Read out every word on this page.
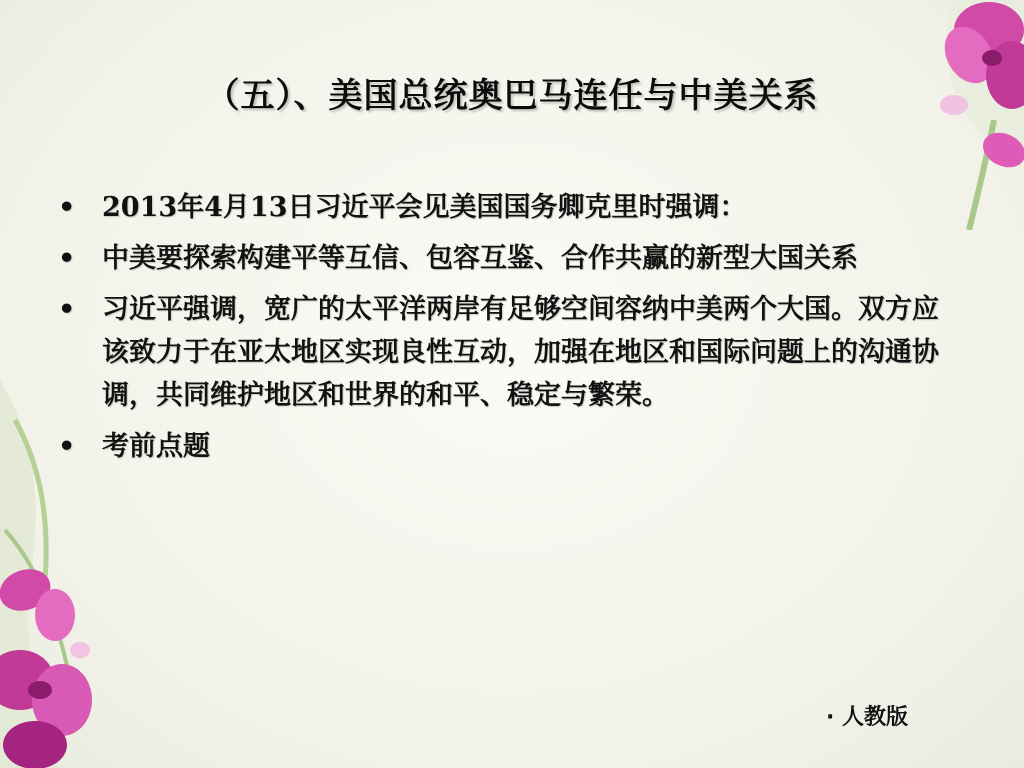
（五）、美国总统奥巴马连任与中美关系
• 2013年4月13日习近平会见美国国务卿克里时强调：
• 中美要探索构建平等互信、包容互鉴、合作共赢的新型大国关系
• 习近平强调，宽广的太平洋两岸有足够空间容纳中美两个大国。双方应该致力于在亚太地区实现良性互动，加强在地区和国际问题上的沟通协调，共同维护地区和世界的和平、稳定与繁荣。
• 考前点题
· 人教版
